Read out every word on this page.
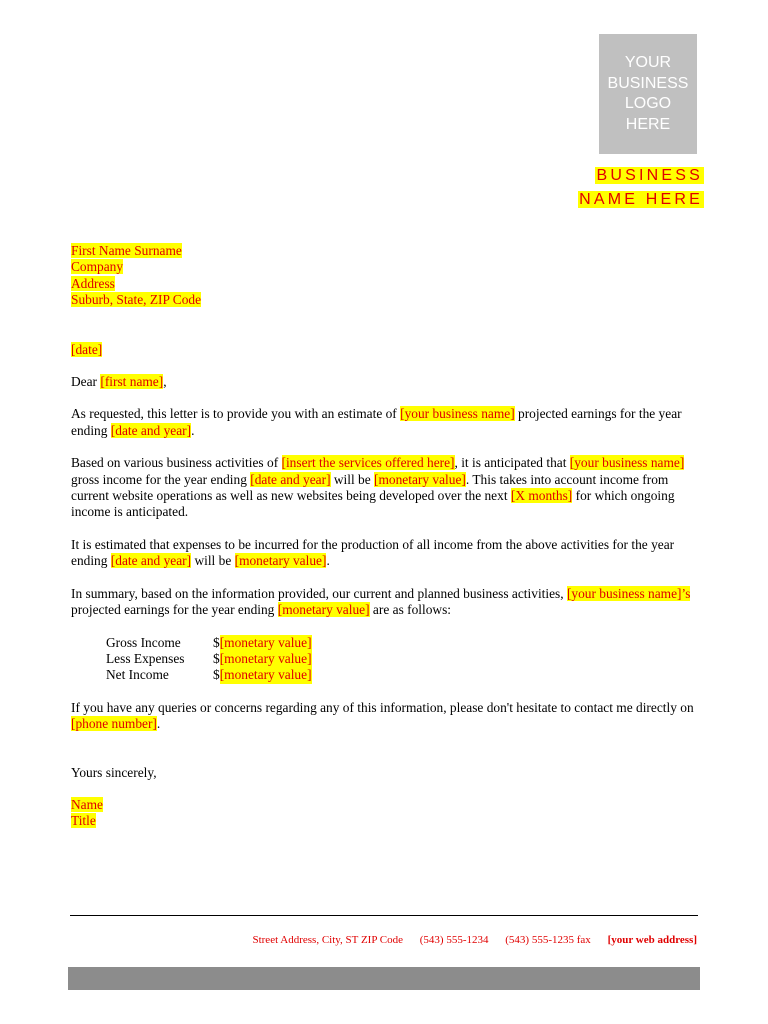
YOUR
BUSINESS
LOGO
HERE
BUSINESS
NAME HERE
First Name Surname
Company
Address
Suburb, State, ZIP Code

[date]

Dear [first name],

As requested, this letter is to provide you with an estimate of [your business name] projected earnings for the year ending [date and year].

Based on various business activities of [insert the services offered here], it is anticipated that [your business name] gross income for the year ending [date and year] will be [monetary value]. This takes into account income from current website operations as well as new websites being developed over the next [X months] for which ongoing income is anticipated.

It is estimated that expenses to be incurred for the production of all income from the above activities for the year ending [date and year] will be [monetary value].

In summary, based on the information provided, our current and planned business activities, [your business name]’s projected earnings for the year ending [monetary value] are as follows:

Gross Income	$ [monetary value]
Less Expenses	$ [monetary value]
Net Income	$ [monetary value]

If you have any queries or concerns regarding any of this information, please don't hesitate to contact me directly on [phone number].

Yours sincerely,

Name
Title
Street Address, City, ST ZIP Code (543) 555-1234 (543) 555-1235 fax [your web address]
